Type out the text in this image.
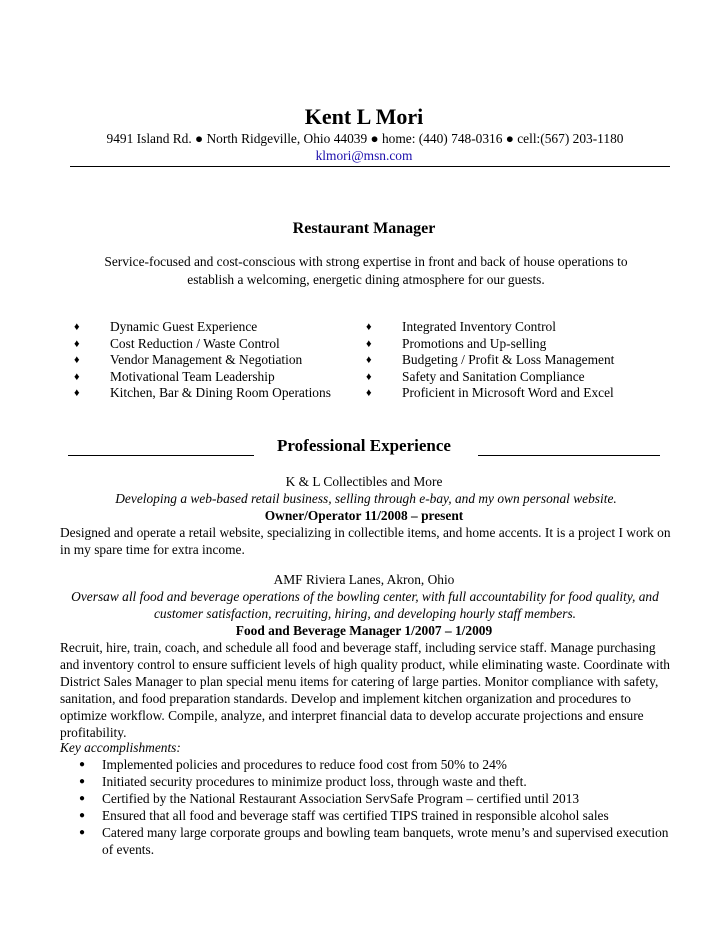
Kent L Mori
9491 Island Rd. ● North Ridgeville, Ohio 44039 ● home: (440) 748-0316 ● cell:(567) 203-1180
klmori@msn.com
Restaurant Manager
Service-focused and cost-conscious with strong expertise in front and back of house operations to establish a welcoming, energetic dining atmosphere for our guests.
♦ Dynamic Guest Experience
♦ Cost Reduction / Waste Control
♦ Vendor Management & Negotiation
♦ Motivational Team Leadership
♦ Kitchen, Bar & Dining Room Operations
♦ Integrated Inventory Control
♦ Promotions and Up-selling
♦ Budgeting / Profit & Loss Management
♦ Safety and Sanitation Compliance
♦ Proficient in Microsoft Word and Excel
Professional Experience
K & L Collectibles and More
Developing a web-based retail business, selling through e-bay, and my own personal website.
Owner/Operator 11/2008 – present
Designed and operate a retail website, specializing in collectible items, and home accents. It is a project I work on in my spare time for extra income.
AMF Riviera Lanes, Akron, Ohio
Oversaw all food and beverage operations of the bowling center, with full accountability for food quality, and customer satisfaction, recruiting, hiring, and developing hourly staff members.
Food and Beverage Manager 1/2007 – 1/2009
Recruit, hire, train, coach, and schedule all food and beverage staff, including service staff. Manage purchasing and inventory control to ensure sufficient levels of high quality product, while eliminating waste. Coordinate with District Sales Manager to plan special menu items for catering of large parties. Monitor compliance with safety, sanitation, and food preparation standards. Develop and implement kitchen organization and procedures to optimize workflow. Compile, analyze, and interpret financial data to develop accurate projections and ensure profitability.
Key accomplishments:
● Implemented policies and procedures to reduce food cost from 50% to 24%
● Initiated security procedures to minimize product loss, through waste and theft.
● Certified by the National Restaurant Association ServSafe Program – certified until 2013
● Ensured that all food and beverage staff was certified TIPS trained in responsible alcohol sales
● Catered many large corporate groups and bowling team banquets, wrote menu’s and supervised execution of events.
